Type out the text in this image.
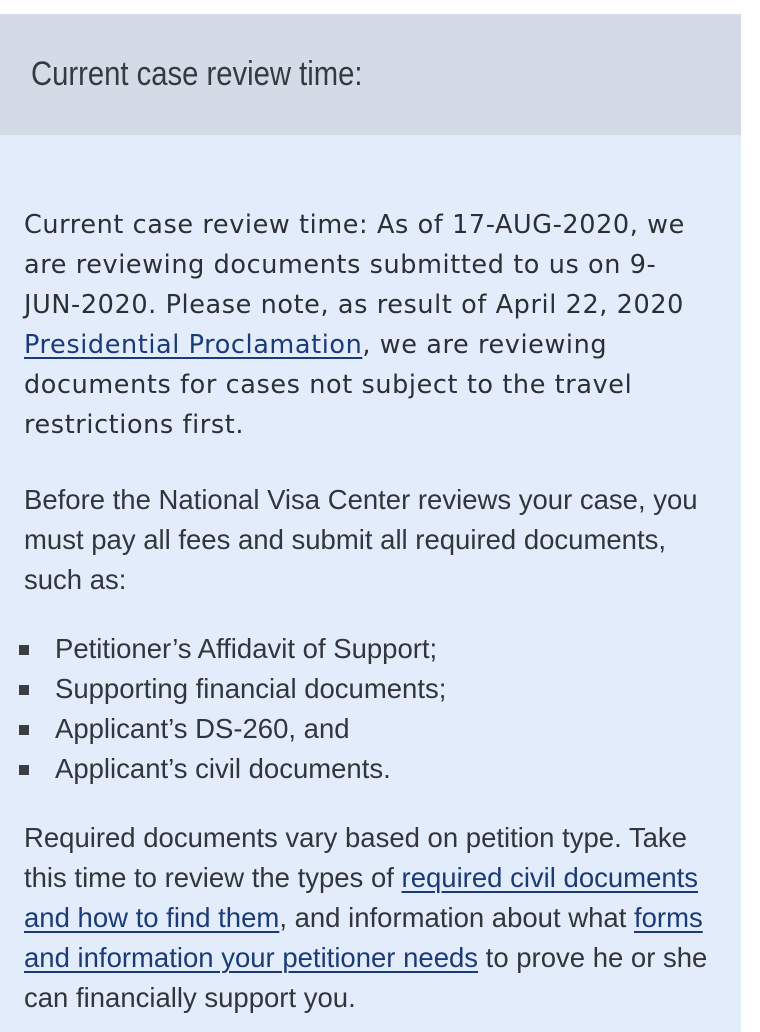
Current case review time:

Current case review time: As of 17-AUG-2020, we are reviewing documents submitted to us on 9-JUN-2020. Please note, as result of April 22, 2020 Presidential Proclamation, we are reviewing documents for cases not subject to the travel restrictions first.

Before the National Visa Center reviews your case, you must pay all fees and submit all required documents, such as:

Petitioner’s Affidavit of Support;
Supporting financial documents;
Applicant’s DS-260, and
Applicant’s civil documents.

Required documents vary based on petition type. Take this time to review the types of required civil documents and how to find them, and information about what forms and information your petitioner needs to prove he or she can financially support you.
